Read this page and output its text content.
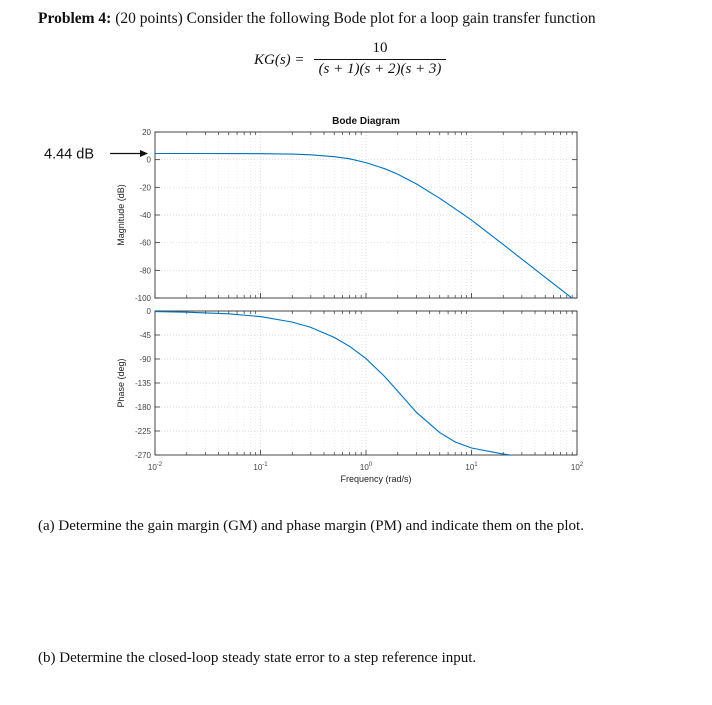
Problem 4: (20 points) Consider the following Bode plot for a loop gain transfer function
KG(s) =
10
(s + 1)(s + 2)(s + 3)
20
0
-20
-40
-60
-80
-100
Magnitude (dB)
0
-45
-90
-135
-180
-225
-270
Phase (deg)
Bode Diagram
$10^{-2}$	$10^{-1}$	$10^0$	$10^1$	$10^2$
Frequency (rad/s)
4.44 dB
(a) Determine the gain margin (GM) and phase margin (PM) and indicate them on the plot.
(b) Determine the closed-loop steady state error to a step reference input.
